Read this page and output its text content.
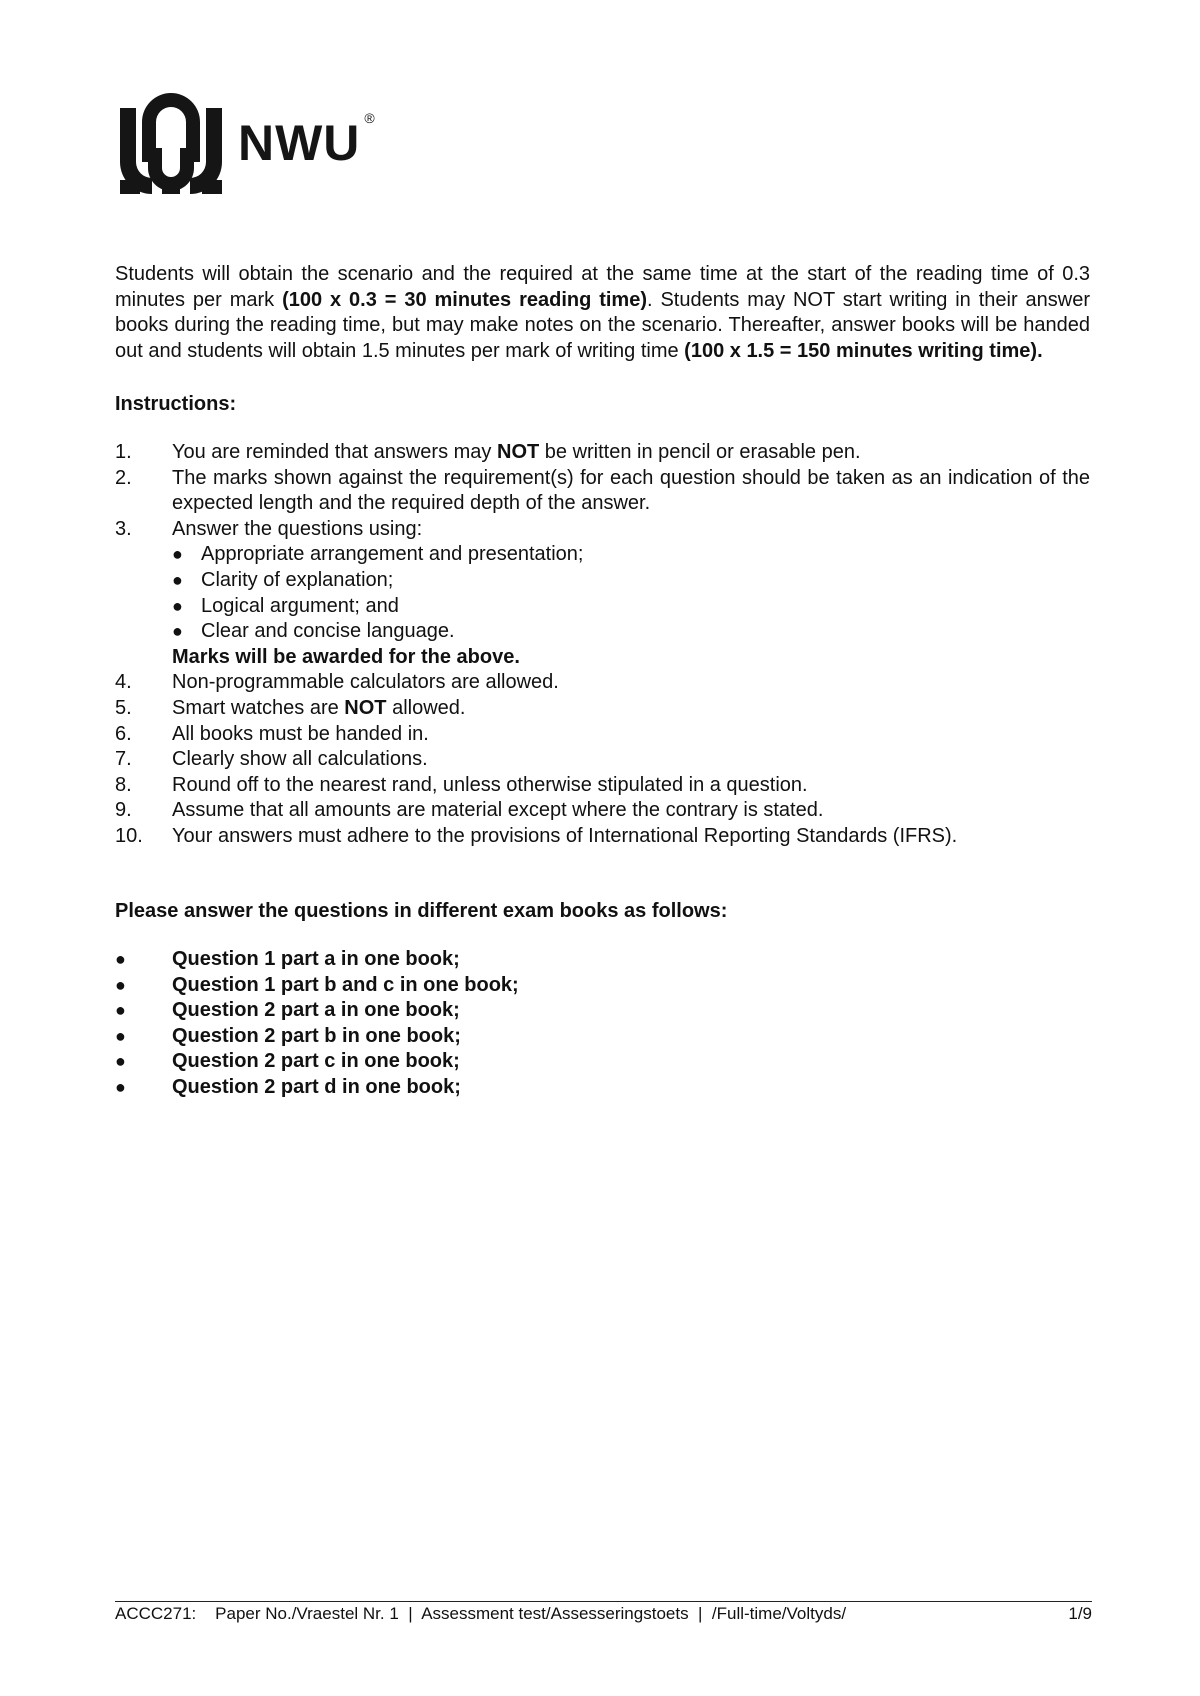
NWU ®

Students will obtain the scenario and the required at the same time at the start of the reading time of 0.3 minutes per mark (100 x 0.3 = 30 minutes reading time). Students may NOT start writing in their answer books during the reading time, but may make notes on the scenario. Thereafter, answer books will be handed out and students will obtain 1.5 minutes per mark of writing time (100 x 1.5 = 150 minutes writing time).

Instructions:
1.	You are reminded that answers may NOT be written in pencil or erasable pen.
2.	The marks shown against the requirement(s) for each question should be taken as an indication of the expected length and the required depth of the answer.
3.	Answer the questions using:
● Appropriate arrangement and presentation;
● Clarity of explanation;
● Logical argument; and
● Clear and concise language.
Marks will be awarded for the above.
4.	Non-programmable calculators are allowed.
5.	Smart watches are NOT allowed.
6.	All books must be handed in.
7.	Clearly show all calculations.
8.	Round off to the nearest rand, unless otherwise stipulated in a question.
9.	Assume that all amounts are material except where the contrary is stated.
10.	Your answers must adhere to the provisions of International Reporting Standards (IFRS).
Please answer the questions in different exam books as follows:
●	Question 1 part a in one book;
●	Question 1 part b and c in one book;
●	Question 2 part a in one book;
●	Question 2 part b in one book;
●	Question 2 part c in one book;
●	Question 2 part d in one book;
ACCC271: Paper No./Vraestel Nr. 1 | Assessment test/Assesseringstoets | /Full-time/Voltyds/	1/9
